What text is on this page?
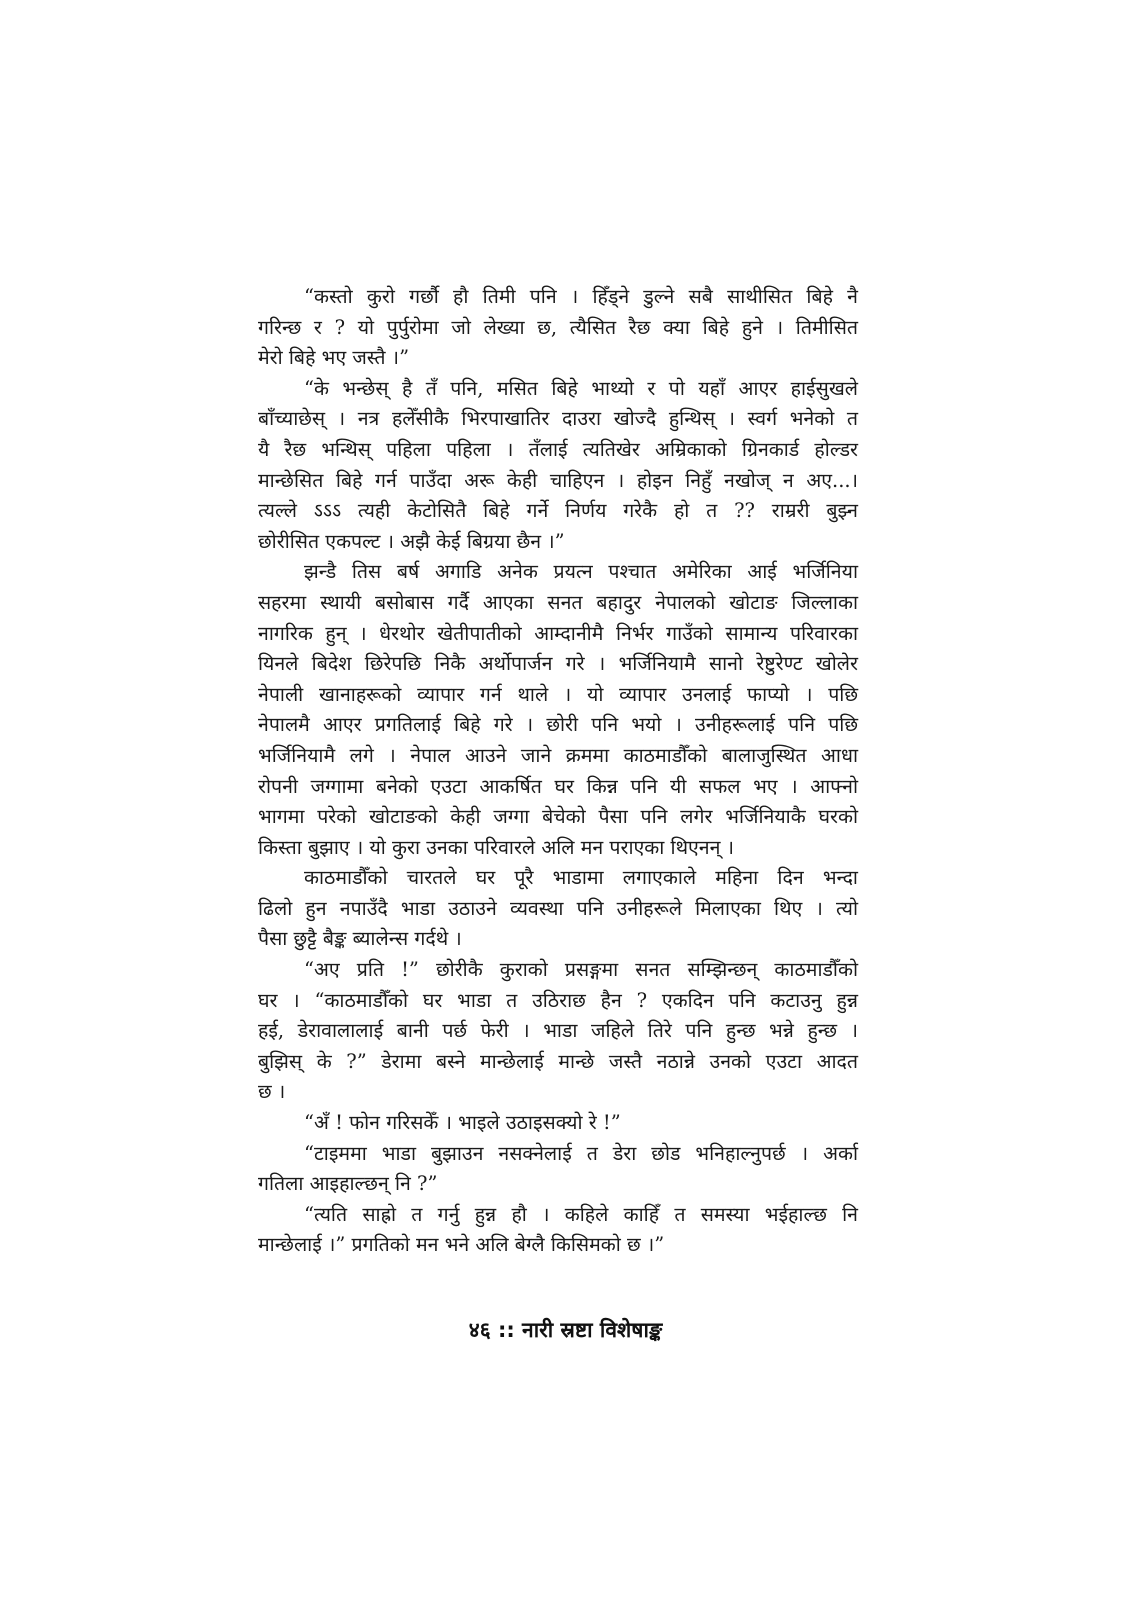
“कस्तो कुरो गर्छौ हौ तिमी पनि । हिँड्ने डुल्ने सबै साथीसित बिहे नै
गरिन्छ र ? यो पुर्पुरोमा जो लेख्या छ, त्यैसित रैछ क्या बिहे हुने । तिमीसित
मेरो बिहे भए जस्तै ।”
“के भन्छेस् है तँ पनि, मसित बिहे भाथ्यो र पो यहाँ आएर हाईसुखले
बाँच्याछेस् । नत्र हलेँसीकै भिरपाखातिर दाउरा खोज्दै हुन्थिस् । स्वर्ग भनेको त
यै रैछ भन्थिस् पहिला पहिला । तँलाई त्यतिखेर अम्रिकाको ग्रिनकार्ड होल्डर
मान्छेसित बिहे गर्न पाउँदा अरू केही चाहिएन । होइन निहुँ नखोज् न अए...।
त्यल्ले ऽऽऽ त्यही केटोसितै बिहे गर्ने निर्णय गरेकै हो त ?? राम्ररी बुझ्न
छोरीसित एकपल्ट । अझै केई बिग्रया छैन ।”
झन्डै तिस बर्ष अगाडि अनेक प्रयत्न पश्चात अमेरिका आई भर्जिनिया
सहरमा स्थायी बसोबास गर्दै आएका सनत बहादुर नेपालको खोटाङ जिल्लाका
नागरिक हुन् । धेरथोर खेतीपातीको आम्दानीमै निर्भर गाउँको सामान्य परिवारका
यिनले बिदेश छिरेपछि निकै अर्थोपार्जन गरे । भर्जिनियामै सानो रेष्टुरेण्ट खोलेर
नेपाली खानाहरूको व्यापार गर्न थाले । यो व्यापार उनलाई फाप्यो । पछि
नेपालमै आएर प्रगतिलाई बिहे गरे । छोरी पनि भयो । उनीहरूलाई पनि पछि
भर्जिनियामै लगे । नेपाल आउने जाने क्रममा काठमाडौँको बालाजुस्थित आधा
रोपनी जग्गामा बनेको एउटा आकर्षित घर किन्न पनि यी सफल भए । आफ्नो
भागमा परेको खोटाङको केही जग्गा बेचेको पैसा पनि लगेर भर्जिनियाकै घरको
किस्ता बुझाए । यो कुरा उनका परिवारले अलि मन पराएका थिएनन् ।
काठमाडौँको चारतले घर पूरै भाडामा लगाएकाले महिना दिन भन्दा
ढिलो हुन नपाउँदै भाडा उठाउने व्यवस्था पनि उनीहरूले मिलाएका थिए । त्यो
पैसा छुट्टै बैङ्क ब्यालेन्स गर्दथे ।
“अए प्रति !” छोरीकै कुराको प्रसङ्गमा सनत सम्झिन्छन् काठमाडौँको
घर । “काठमाडौँको घर भाडा त उठिराछ हैन ? एकदिन पनि कटाउनु हुन्न
हई, डेरावालालाई बानी पर्छ फेरी । भाडा जहिले तिरे पनि हुन्छ भन्ने हुन्छ ।
बुझिस् के ?” डेरामा बस्ने मान्छेलाई मान्छे जस्तै नठान्ने उनको एउटा आदत
छ ।
“अँ ! फोन गरिसकेँ । भाइले उठाइसक्यो रे !”
“टाइममा भाडा बुझाउन नसक्नेलाई त डेरा छोड भनिहाल्नुपर्छ । अर्का
गतिला आइहाल्छन् नि ?”
“त्यति साह्रो त गर्नु हुन्न हौ । कहिले काहिँ त समस्या भईहाल्छ नि
मान्छेलाई ।” प्रगतिको मन भने अलि बेग्लै किसिमको छ ।”
४६ :: नारी स्रष्टा विशेषाङ्क
